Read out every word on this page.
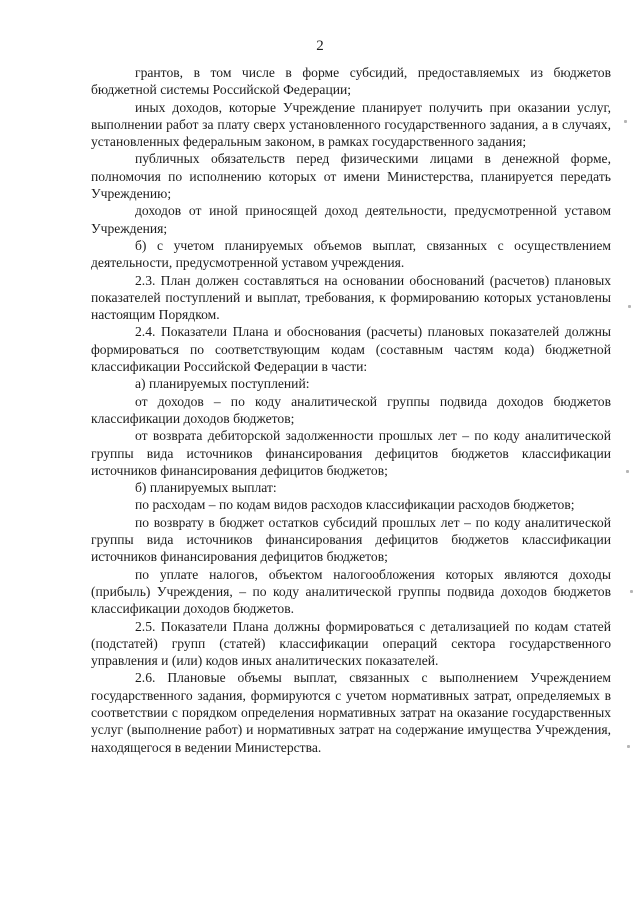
2

грантов, в том числе в форме субсидий, предоставляемых из бюджетов бюджетной системы Российской Федерации;

иных доходов, которые Учреждение планирует получить при оказании услуг, выполнении работ за плату сверх установленного государственного задания, а в случаях, установленных федеральным законом, в рамках государственного задания;

публичных обязательств перед физическими лицами в денежной форме, полномочия по исполнению которых от имени Министерства, планируется передать Учреждению;

доходов от иной приносящей доход деятельности, предусмотренной уставом Учреждения;

б) с учетом планируемых объемов выплат, связанных с осуществлением деятельности, предусмотренной уставом учреждения.

2.3. План должен составляться на основании обоснований (расчетов) плановых показателей поступлений и выплат, требования, к формированию которых установлены настоящим Порядком.

2.4. Показатели Плана и обоснования (расчеты) плановых показателей должны формироваться по соответствующим кодам (составным частям кода) бюджетной классификации Российской Федерации в части:

а) планируемых поступлений:

от доходов – по коду аналитической группы подвида доходов бюджетов классификации доходов бюджетов;

от возврата дебиторской задолженности прошлых лет – по коду аналитической группы вида источников финансирования дефицитов бюджетов классификации источников финансирования дефицитов бюджетов;

б) планируемых выплат:

по расходам – по кодам видов расходов классификации расходов бюджетов;

по возврату в бюджет остатков субсидий прошлых лет – по коду аналитической группы вида источников финансирования дефицитов бюджетов классификации источников финансирования дефицитов бюджетов;

по уплате налогов, объектом налогообложения которых являются доходы (прибыль) Учреждения, – по коду аналитической группы подвида доходов бюджетов классификации доходов бюджетов.

2.5. Показатели Плана должны формироваться с детализацией по кодам статей (подстатей) групп (статей) классификации операций сектора государственного управления и (или) кодов иных аналитических показателей.

2.6. Плановые объемы выплат, связанных с выполнением Учреждением государственного задания, формируются с учетом нормативных затрат, определяемых в соответствии с порядком определения нормативных затрат на оказание государственных услуг (выполнение работ) и нормативных затрат на содержание имущества Учреждения, находящегося в ведении Министерства.
